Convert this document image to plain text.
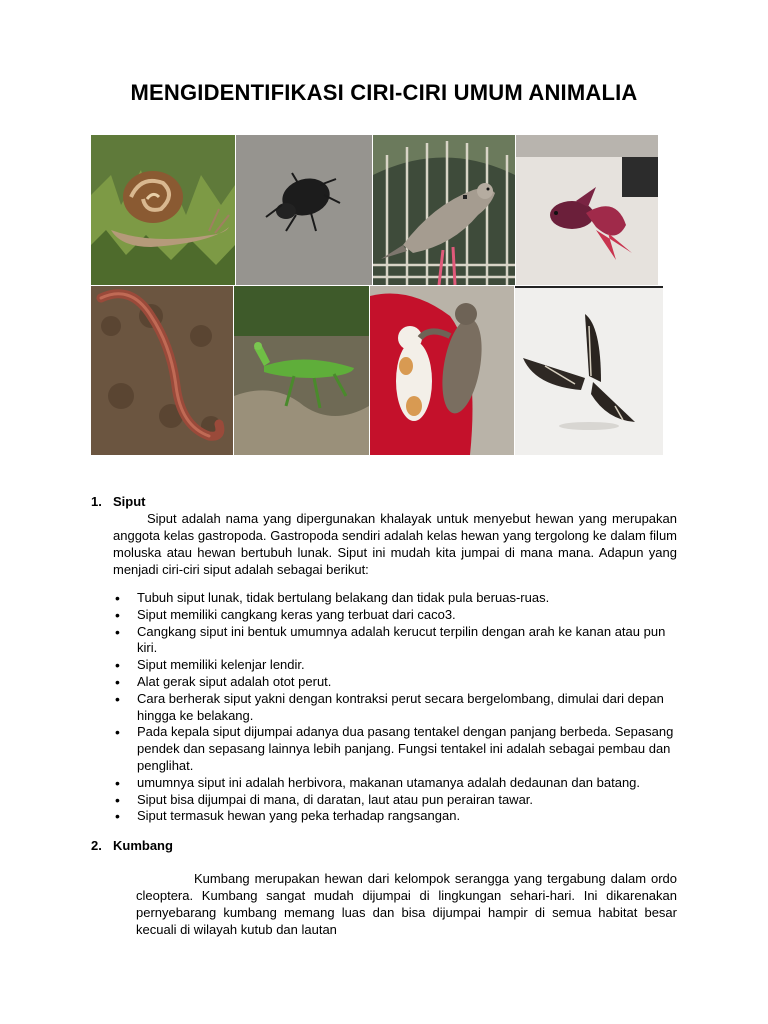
MENGIDENTIFIKASI CIRI-CIRI UMUM ANIMALIA
1. Siput
Siput adalah nama yang dipergunakan khalayak untuk menyebut hewan yang merupakan anggota kelas gastropoda. Gastropoda sendiri adalah kelas hewan yang tergolong ke dalam filum moluska atau hewan bertubuh lunak. Siput ini mudah kita jumpai di mana mana. Adapun yang menjadi ciri-ciri siput adalah sebagai berikut:
• Tubuh siput lunak, tidak bertulang belakang dan tidak pula beruas-ruas.
• Siput memiliki cangkang keras yang terbuat dari caco3.
• Cangkang siput ini bentuk umumnya adalah kerucut terpilin dengan arah ke kanan atau pun kiri.
• Siput memiliki kelenjar lendir.
• Alat gerak siput adalah otot perut.
• Cara berherak siput yakni dengan kontraksi perut secara bergelombang, dimulai dari depan hingga ke belakang.
• Pada kepala siput dijumpai adanya dua pasang tentakel dengan panjang berbeda. Sepasang pendek dan sepasang lainnya lebih panjang. Fungsi tentakel ini adalah sebagai pembau dan penglihat.
• umumnya siput ini adalah herbivora, makanan utamanya adalah dedaunan dan batang.
• Siput bisa dijumpai di mana, di daratan, laut atau pun perairan tawar.
• Siput termasuk hewan yang peka terhadap rangsangan.
2. Kumbang
Kumbang merupakan hewan dari kelompok serangga yang tergabung dalam ordo cleoptera. Kumbang sangat mudah dijumpai di lingkungan sehari-hari. Ini dikarenakan pernyebarang kumbang memang luas dan bisa dijumpai hampir di semua habitat besar kecuali di wilayah kutub dan lautan
